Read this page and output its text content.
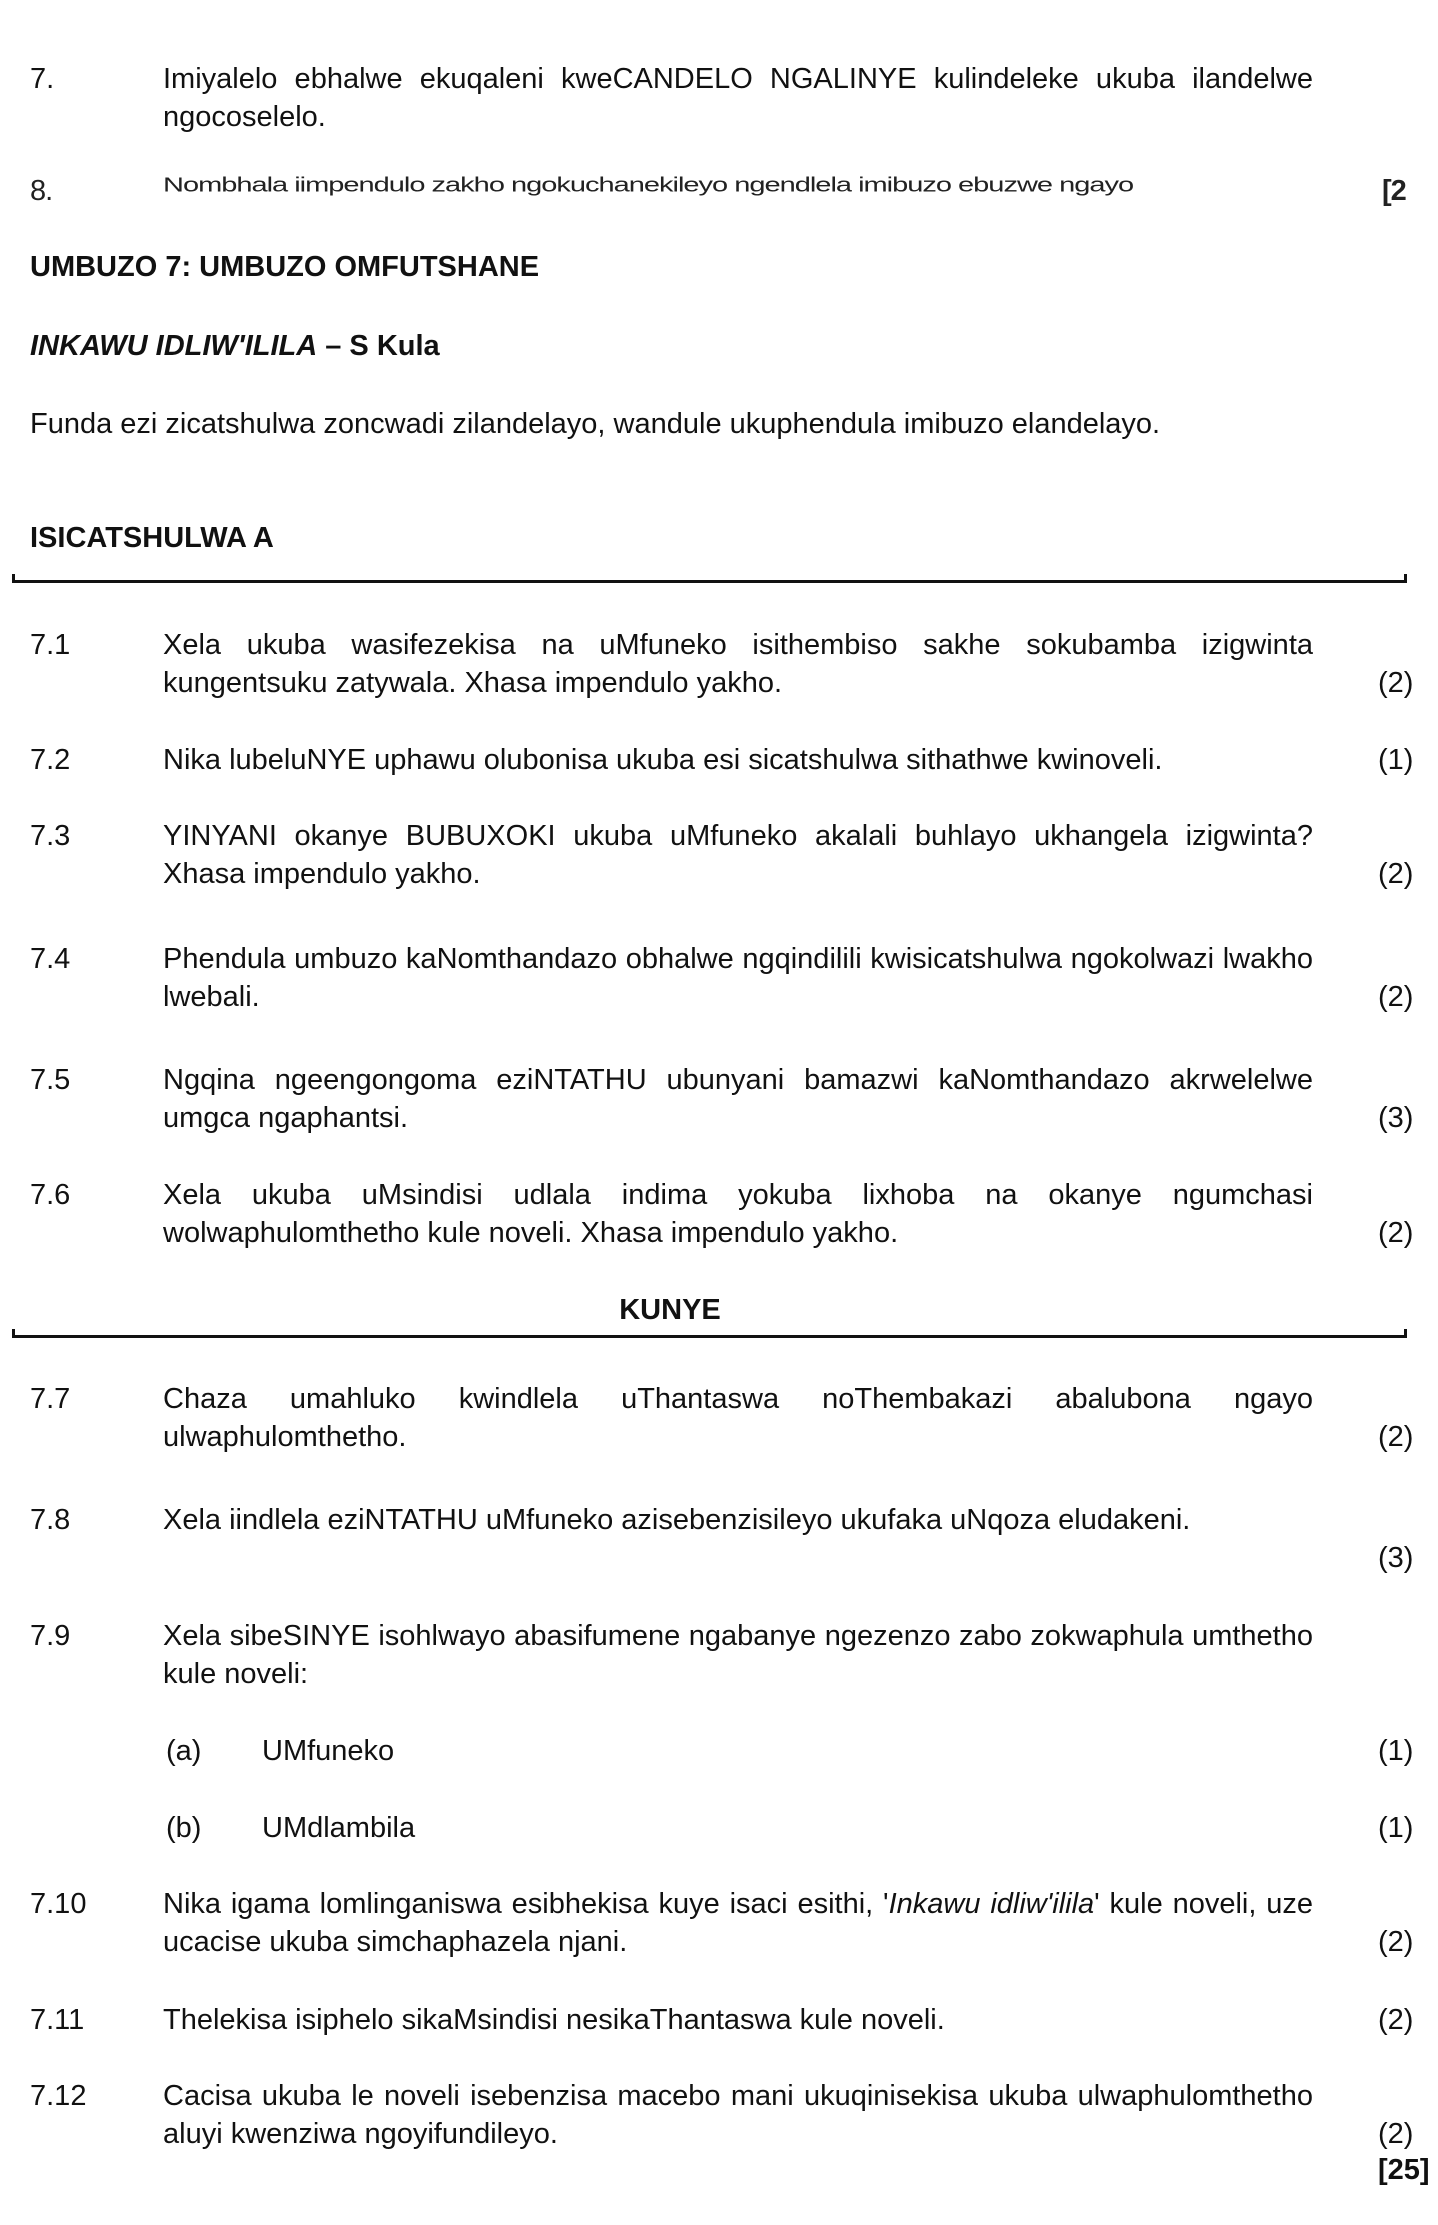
7.	Imiyalelo ebhalwe ekuqaleni kweCANDELO NGALINYE kulindeleke ukuba ilandelwe ngocoselelo.
8.	Nombhala iimpendulo zakho ngokuchanekileyo ngendlela imibuzo ebuzwe ngayo	[2
UMBUZO 7: UMBUZO OMFUTSHANE
INKAWU IDLIW'ILILA – S Kula
Funda ezi zicatshulwa zoncwadi zilandelayo, wandule ukuphendula imibuzo elandelayo.
ISICATSHULWA A
7.1	Xela ukuba wasifezekisa na uMfuneko isithembiso sakhe sokubamba izigwinta kungentsuku zatywala. Xhasa impendulo yakho.	(2)
7.2	Nika lubeluNYE uphawu olubonisa ukuba esi sicatshulwa sithathwe kwinoveli.	(1)
7.3	YINYANI okanye BUBUXOKI ukuba uMfuneko akalali buhlayo ukhangela izigwinta? Xhasa impendulo yakho.	(2)
7.4	Phendula umbuzo kaNomthandazo obhalwe ngqindilili kwisicatshulwa ngokolwazi lwakho lwebali.	(2)
7.5	Ngqina ngeengongoma eziNTATHU ubunyani bamazwi kaNomthandazo akrwelelwe umgca ngaphantsi.	(3)
7.6	Xela ukuba uMsindisi udlala indima yokuba lixhoba na okanye ngumchasi wolwaphulomthetho kule noveli. Xhasa impendulo yakho.	(2)
KUNYE
7.7	Chaza umahluko kwindlela uThantaswa noThembakazi abalubona ngayo ulwaphulomthetho.	(2)
7.8	Xela iindlela eziNTATHU uMfuneko azisebenzisileyo ukufaka uNqoza eludakeni.
(3)
7.9	Xela sibeSINYE isohlwayo abasifumene ngabanye ngezenzo zabo zokwaphula umthetho kule noveli:
(a) UMfuneko	(1)
(b) UMdlambila	(1)
7.10	Nika igama lomlinganiswa esibhekisa kuye isaci esithi, 'Inkawu idliw'ilila' kule noveli, uze ucacise ukuba simchaphazela njani.	(2)
7.11	Thelekisa isiphelo sikaMsindisi nesikaThantaswa kule noveli.	(2)
7.12	Cacisa ukuba le noveli isebenzisa macebo mani ukuqinisekisa ukuba ulwaphulomthetho aluyi kwenziwa ngoyifundileyo.	(2)
[25]
